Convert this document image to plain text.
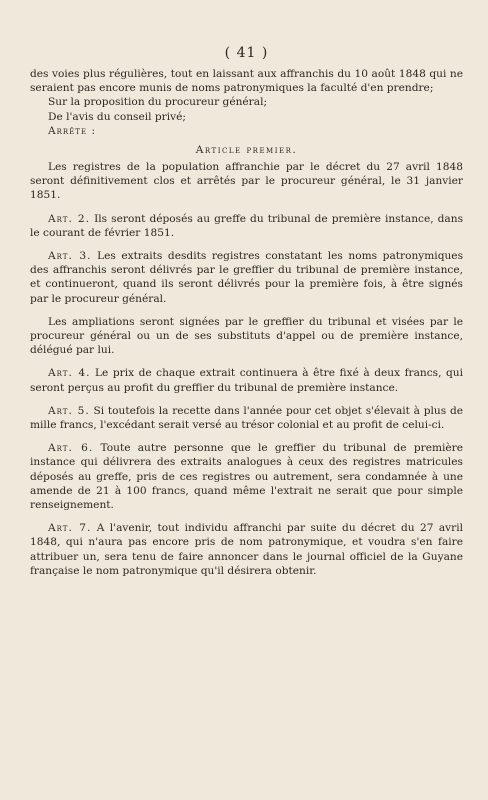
( 41 )

des voies plus régulières, tout en laissant aux affranchis du 10 août 1848 qui ne seraient pas encore munis de noms patronymiques la faculté d'en prendre;

Sur la proposition du procureur général;

De l'avis du conseil privé;

Arrête :

Article premier.

Les registres de la population affranchie par le décret du 27 avril 1848 seront définitivement clos et arrêtés par le procureur général, le 31 janvier 1851.

Art. 2. Ils seront déposés au greffe du tribunal de première instance, dans le courant de février 1851.

Art. 3. Les extraits desdits registres constatant les noms patronymiques des affranchis seront délivrés par le greffier du tribunal de première instance, et continueront, quand ils seront délivrés pour la première fois, à être signés par le procureur général.

Les ampliations seront signées par le greffier du tribunal et visées par le procureur général ou un de ses substituts d'appel ou de première instance, délégué par lui.

Art. 4. Le prix de chaque extrait continuera à être fixé à deux francs, qui seront perçus au profit du greffier du tribunal de première instance.

Art. 5. Si toutefois la recette dans l'année pour cet objet s'élevait à plus de mille francs, l'excédant serait versé au trésor colonial et au profit de celui-ci.

Art. 6. Toute autre personne que le greffier du tribunal de première instance qui délivrera des extraits analogues à ceux des registres matricules déposés au greffe, pris de ces registres ou autrement, sera condamnée à une amende de 21 à 100 francs, quand même l'extrait ne serait que pour simple renseignement.

Art. 7. A l'avenir, tout individu affranchi par suite du décret du 27 avril 1848, qui n'aura pas encore pris de nom patronymique, et voudra s'en faire attribuer un, sera tenu de faire annoncer dans le journal officiel de la Guyane française le nom patronymique qu'il désirera obtenir.
